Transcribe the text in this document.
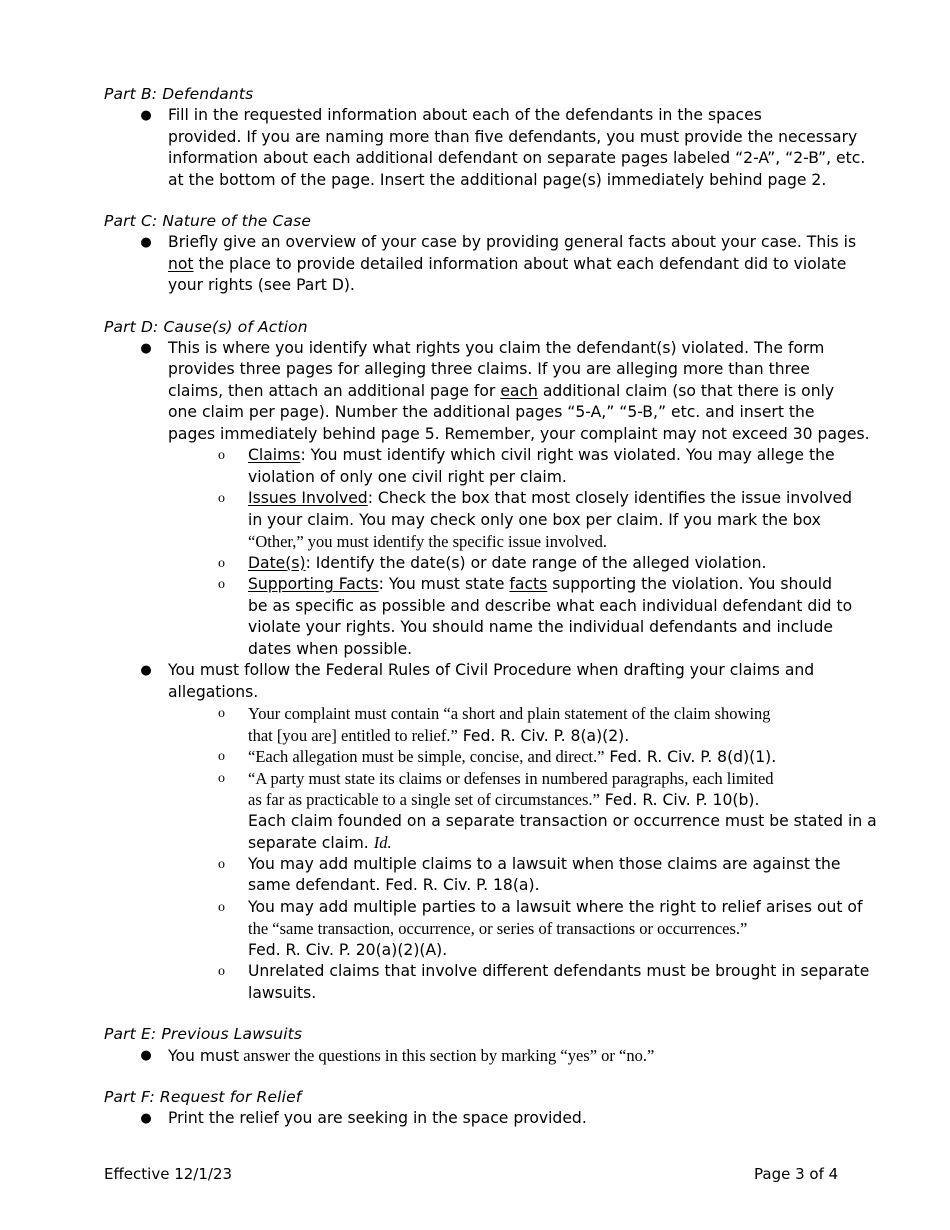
Part B: Defendants
● Fill in the requested information about each of the defendants in the spaces
provided. If you are naming more than five defendants, you must provide the necessary
information about each additional defendant on separate pages labeled “2-A”, “2-B”, etc.
at the bottom of the page. Insert the additional page(s) immediately behind page 2.
Part C: Nature of the Case
● Briefly give an overview of your case by providing general facts about your case. This is
not the place to provide detailed information about what each defendant did to violate
your rights (see Part D).
Part D: Cause(s) of Action
● This is where you identify what rights you claim the defendant(s) violated. The form
provides three pages for alleging three claims. If you are alleging more than three
claims, then attach an additional page for each additional claim (so that there is only
one claim per page). Number the additional pages “5-A,” “5-B,” etc. and insert the
pages immediately behind page 5. Remember, your complaint may not exceed 30 pages.
o Claims: You must identify which civil right was violated. You may allege the
violation of only one civil right per claim.
o Issues Involved: Check the box that most closely identifies the issue involved
in your claim. You may check only one box per claim. If you mark the box
“Other,” you must identify the specific issue involved.
o Date(s): Identify the date(s) or date range of the alleged violation.
o Supporting Facts: You must state facts supporting the violation. You should
be as specific as possible and describe what each individual defendant did to
violate your rights. You should name the individual defendants and include
dates when possible.
● You must follow the Federal Rules of Civil Procedure when drafting your claims and
allegations.
o Your complaint must contain “a short and plain statement of the claim showing
that [you are] entitled to relief.” Fed. R. Civ. P. 8(a)(2).
o “Each allegation must be simple, concise, and direct.” Fed. R. Civ. P. 8(d)(1).
o “A party must state its claims or defenses in numbered paragraphs, each limited
as far as practicable to a single set of circumstances.” Fed. R. Civ. P. 10(b).
Each claim founded on a separate transaction or occurrence must be stated in a
separate claim. Id.
o You may add multiple claims to a lawsuit when those claims are against the
same defendant. Fed. R. Civ. P. 18(a).
o You may add multiple parties to a lawsuit where the right to relief arises out of
the “same transaction, occurrence, or series of transactions or occurrences.”
Fed. R. Civ. P. 20(a)(2)(A).
o Unrelated claims that involve different defendants must be brought in separate
lawsuits.
Part E: Previous Lawsuits
● You must answer the questions in this section by marking “yes” or “no.”
Part F: Request for Relief
● Print the relief you are seeking in the space provided.
Effective 12/1/23	Page 3 of 4
